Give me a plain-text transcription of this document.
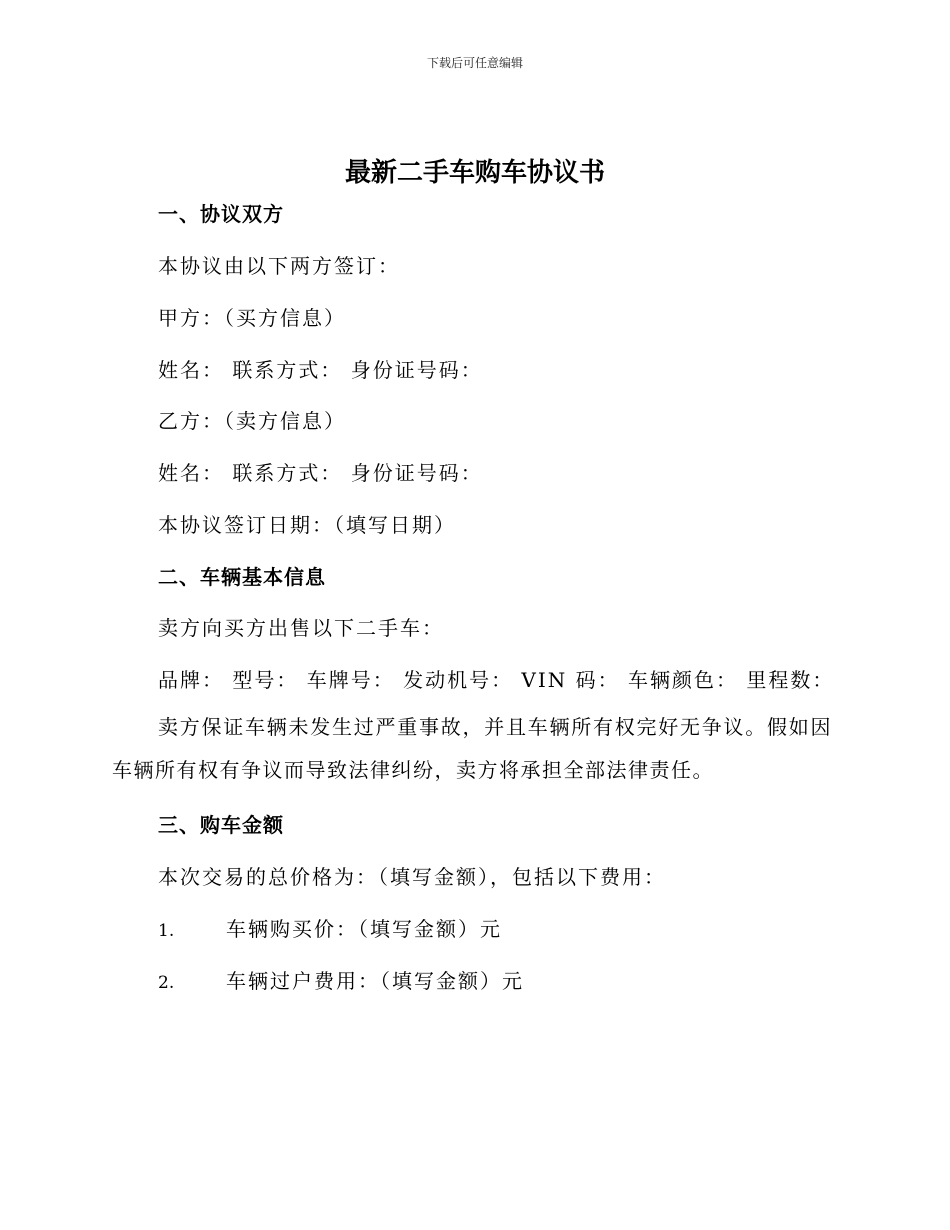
下载后可任意编辑
最新二手车购车协议书
一、协议双方
本协议由以下两方签订：
甲方：（买方信息）
姓名： 联系方式： 身份证号码：
乙方：（卖方信息）
姓名： 联系方式： 身份证号码：
本协议签订日期：（填写日期）
二、车辆基本信息
卖方向买方出售以下二手车：
品牌： 型号： 车牌号： 发动机号： VIN 码： 车辆颜色： 里程数：
卖方保证车辆未发生过严重事故，并且车辆所有权完好无争议。假如因车辆所有权有争议而导致法律纠纷，卖方将承担全部法律责任。
三、购车金额
本次交易的总价格为：（填写金额），包括以下费用：
1.	车辆购买价：（填写金额）元
2.	车辆过户费用：（填写金额）元
